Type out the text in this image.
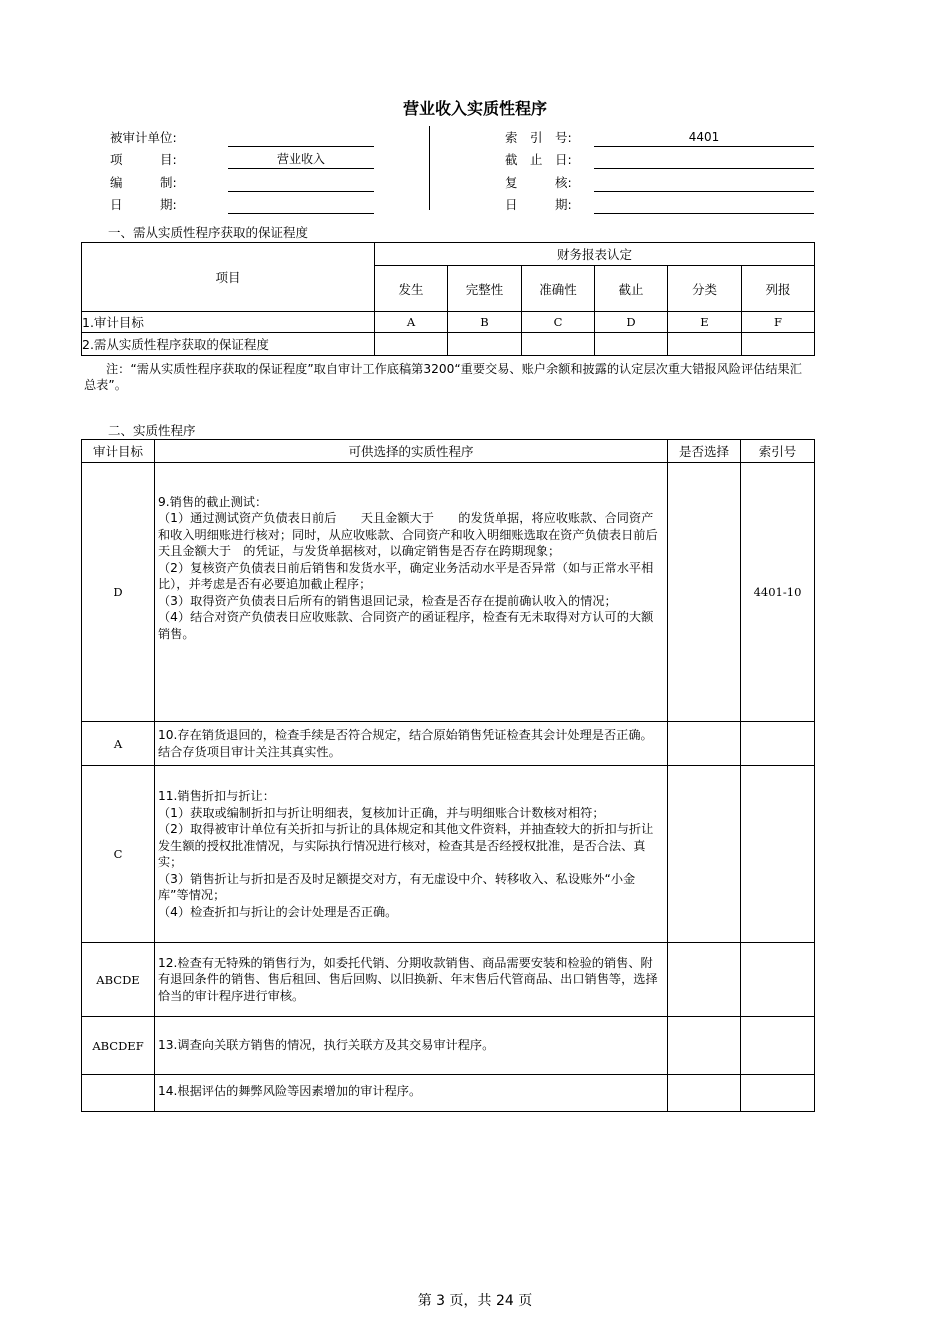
营业收入实质性程序
被审计单位:
项　　　目:	营业收入
编　　　制:
日　　　期:
索　引　号:	4401
截　止　日:
复　　　核:
日　　　期:
一、需从实质性程序获取的保证程度
项目	财务报表认定					
	发生	完整性	准确性	截止	分类	列报
1.审计目标	A	B	C	D	E	F
2.需从实质性程序获取的保证程度						
注：“需从实质性程序获取的保证程度”取自审计工作底稿第3200“重要交易、账户余额和披露的认定层次重大错报风险评估结果汇总表”。
二、实质性程序
审计目标	可供选择的实质性程序	是否选择	索引号
D	9.销售的截止测试：
（1）通过测试资产负债表日前后　　天且金额大于　　的发货单据，将应收账款、合同资产和收入明细账进行核对；同时，从应收账款、合同资产和收入明细账选取在资产负债表日前后　天且金额大于　的凭证，与发货单据核对，以确定销售是否存在跨期现象；
（2）复核资产负债表日前后销售和发货水平，确定业务活动水平是否异常（如与正常水平相比），并考虑是否有必要追加截止程序；
（3）取得资产负债表日后所有的销售退回记录，检查是否存在提前确认收入的情况；
（4）结合对资产负债表日应收账款、合同资产的函证程序，检查有无未取得对方认可的大额销售。		4401-10
A	10.存在销货退回的，检查手续是否符合规定，结合原始销售凭证检查其会计处理是否正确。结合存货项目审计关注其真实性。		

C	11.销售折扣与折让：
（1）获取或编制折扣与折让明细表，复核加计正确，并与明细账合计数核对相符；
（2）取得被审计单位有关折扣与折让的具体规定和其他文件资料，并抽查较大的折扣与折让发生额的授权批准情况，与实际执行情况进行核对，检查其是否经授权批准，是否合法、真实；
（3）销售折让与折扣是否及时足额提交对方，有无虚设中介、转移收入、私设账外“小金库”等情况；
（4）检查折扣与折让的会计处理是否正确。		

ABCDE	12.检查有无特殊的销售行为，如委托代销、分期收款销售、商品需要安装和检验的销售、附有退回条件的销售、售后租回、售后回购、以旧换新、年末售后代管商品、出口销售等，选择恰当的审计程序进行审核。		

ABCDEF	13.调查向关联方销售的情况，执行关联方及其交易审计程序。		

	14.根据评估的舞弊风险等因素增加的审计程序。		

第 3 页，共 24 页
